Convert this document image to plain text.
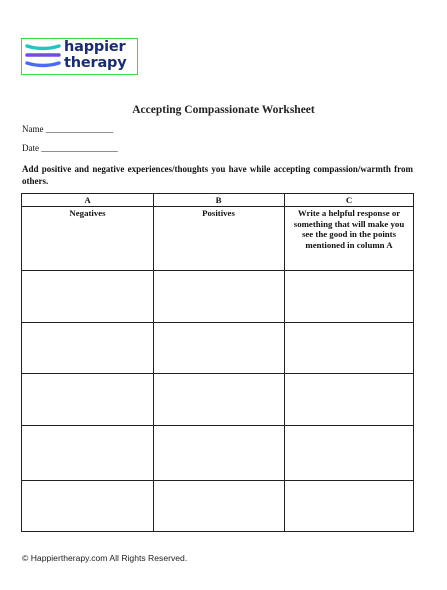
happier
therapy
Accepting Compassionate Worksheet
Name _______________
Date _________________
Add positive and negative experiences/thoughts you have while accepting compassion/warmth from others.
A	B	C
Negatives	Positives	Write a helpful response or something that will make you see the good in the points mentioned in column A
© Happiertherapy.com All Rights Reserved.
